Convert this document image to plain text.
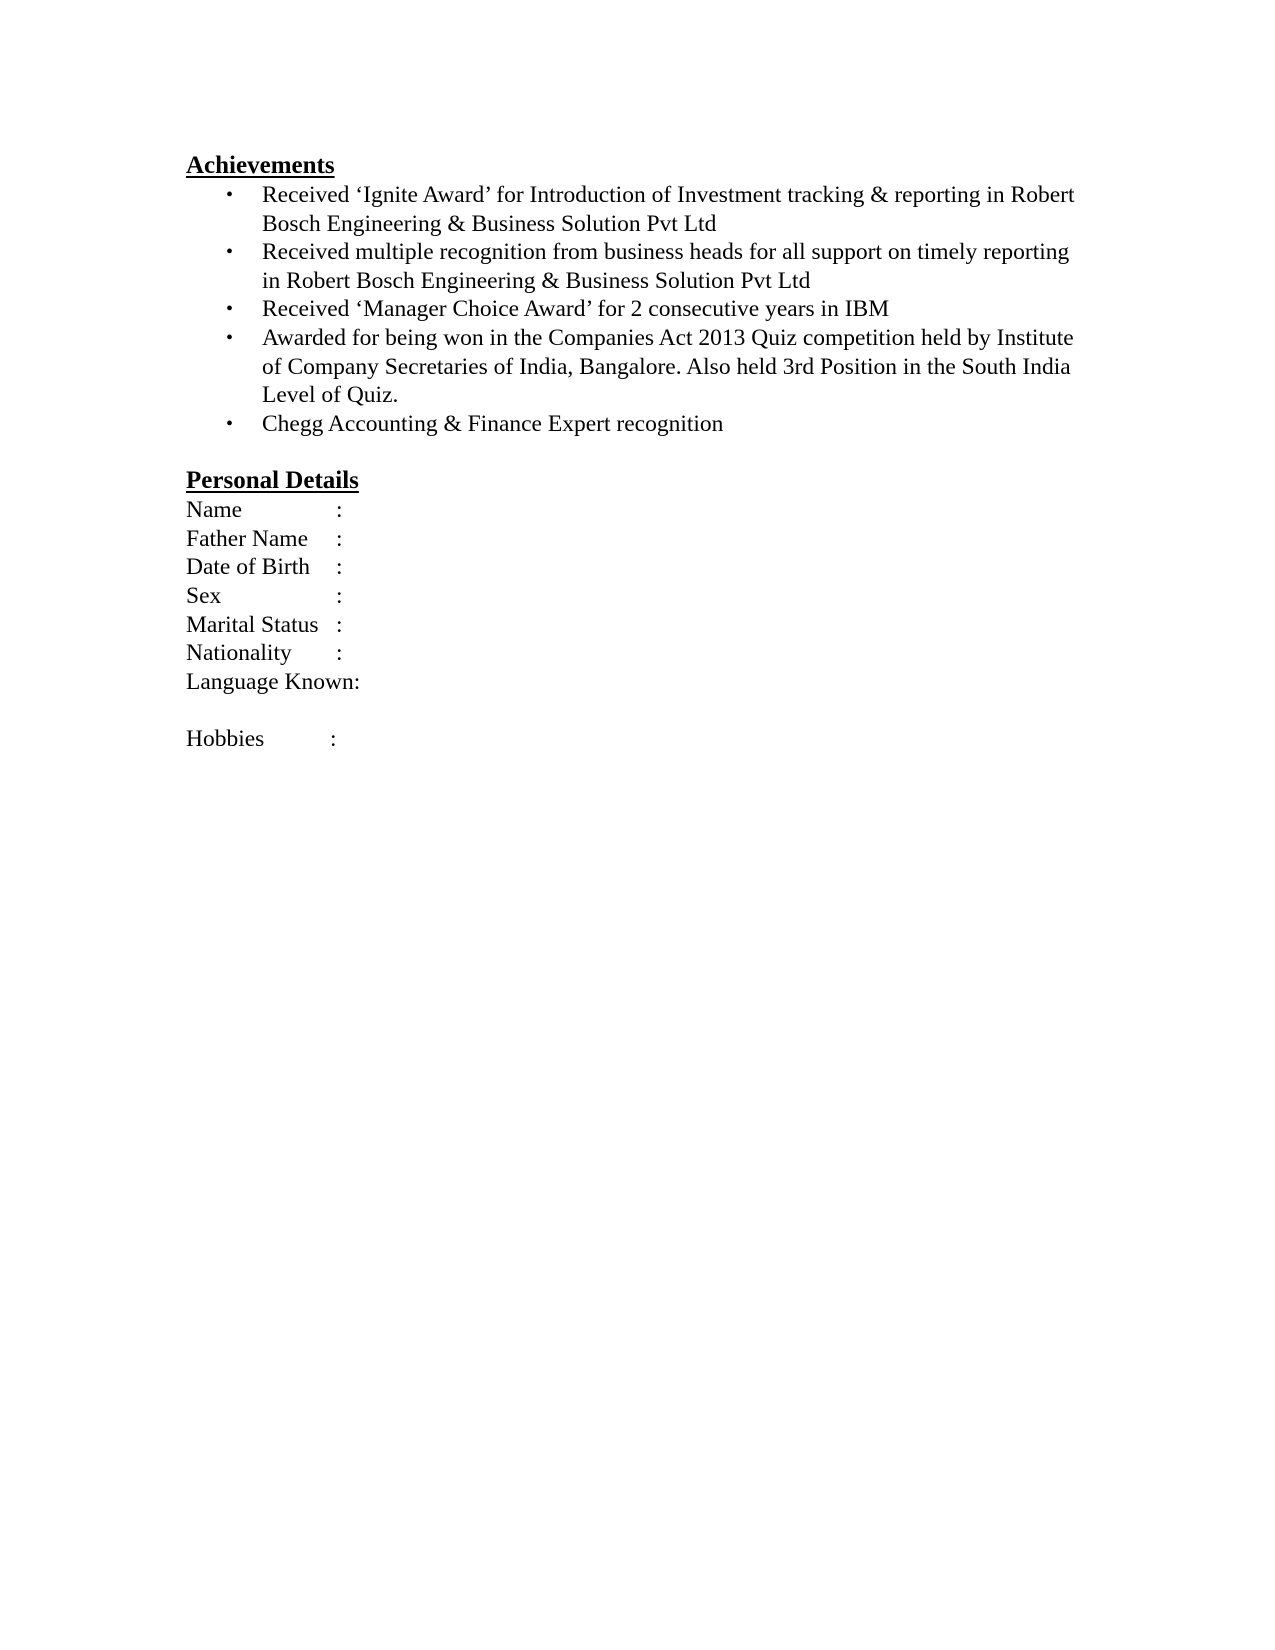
Achievements
• Received ‘Ignite Award’ for Introduction of Investment tracking & reporting in Robert Bosch Engineering & Business Solution Pvt Ltd
• Received multiple recognition from business heads for all support on timely reporting in Robert Bosch Engineering & Business Solution Pvt Ltd
• Received ‘Manager Choice Award’ for 2 consecutive years in IBM
• Awarded for being won in the Companies Act 2013 Quiz competition held by Institute of Company Secretaries of India, Bangalore. Also held 3rd Position in the South India Level of Quiz.
• Chegg Accounting & Finance Expert recognition
Personal Details
Name	:
Father Name :
Date of Birth :
Sex	:
Marital Status :
Nationality :
Language Known:
Hobbies	:
